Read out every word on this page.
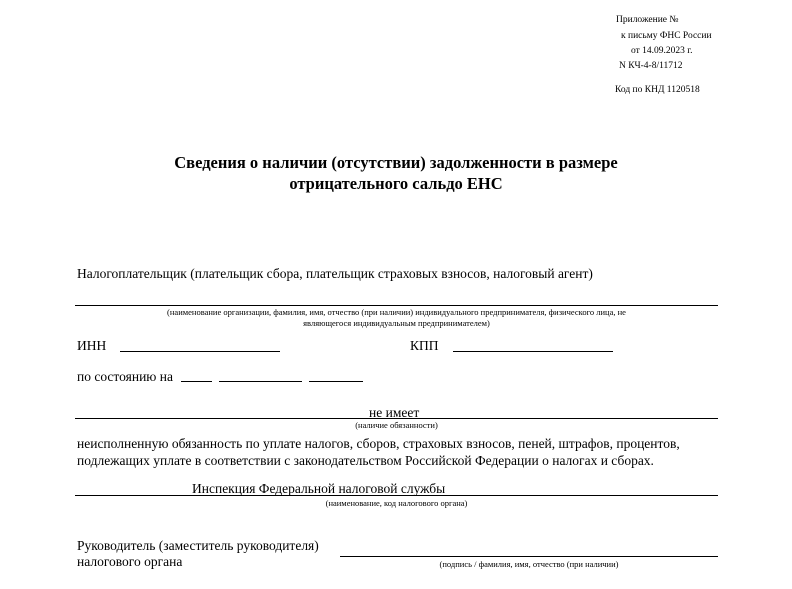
Приложение №
к письму ФНС России
от 14.09.2023 г.
N КЧ-4-8/11712
Код по КНД 1120518
Сведения о наличии (отсутствии) задолженности в размере
отрицательного сальдо ЕНС
Налогоплательщик (плательщик сбора, плательщик страховых взносов, налоговый агент)
(наименование организации, фамилия, имя, отчество (при наличии) индивидуального предпринимателя, физического лица, не
являющегося индивидуальным предпринимателем)
ИНН	КПП
по состоянию на
не имеет
(наличие обязанности)
неисполненную обязанность по уплате налогов, сборов, страховых взносов, пеней, штрафов, процентов,
подлежащих уплате в соответствии с законодательством Российской Федерации о налогах и сборах.
Инспекция Федеральной налоговой службы
(наименование, код налогового органа)
Руководитель (заместитель руководителя)
налогового органа	(подпись / фамилия, имя, отчество (при наличии)
